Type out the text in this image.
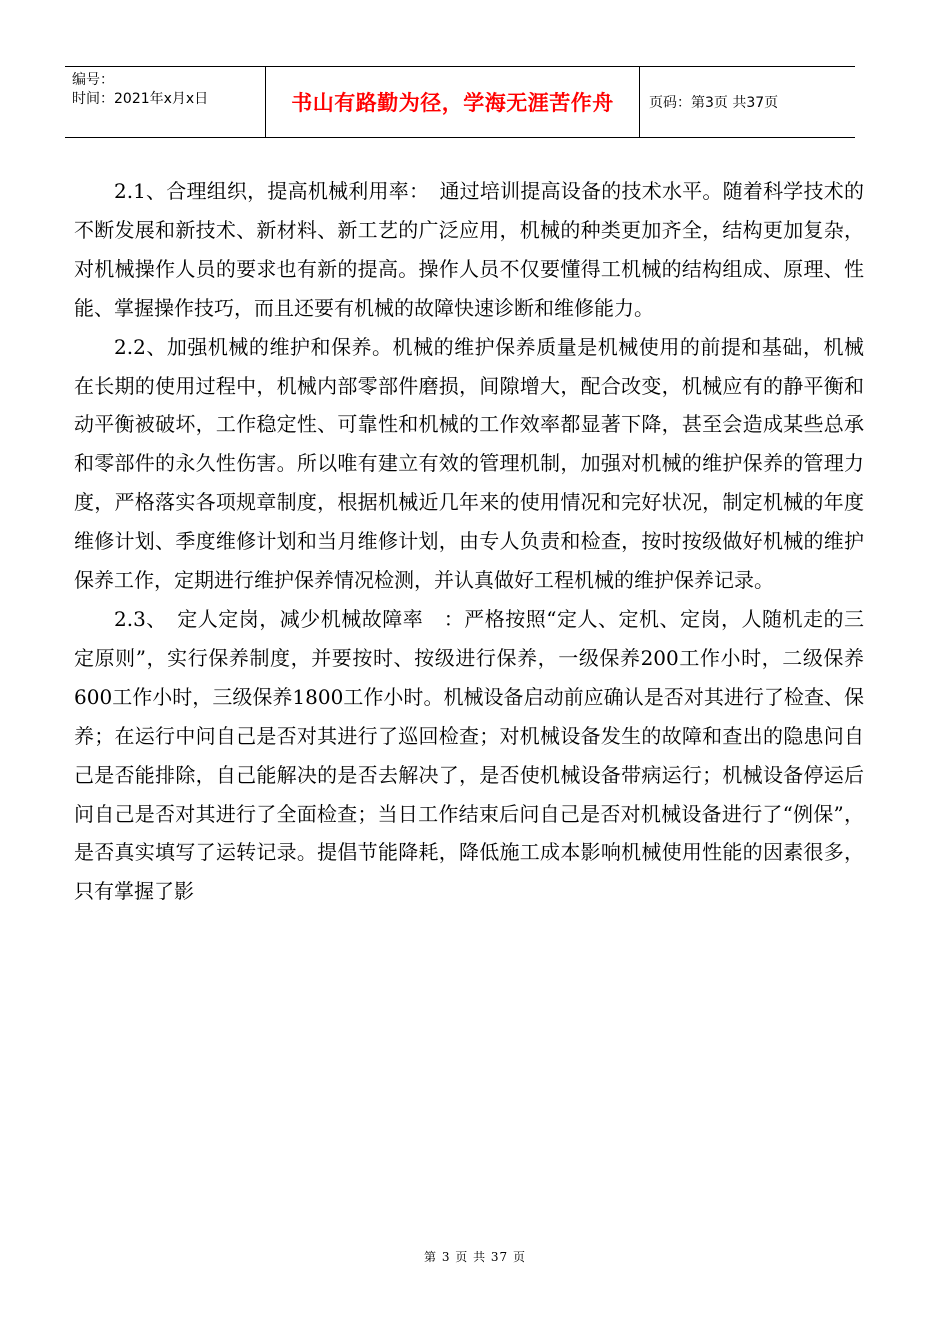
编号：
时间：2021年x月x日	书山有路勤为径，学海无涯苦作舟	页码：第3页 共37页

2.1、合理组织，提高机械利用率：　通过培训提高设备的技术水平。随着科学技术的不断发展和新技术、新材料、新工艺的广泛应用，机械的种类更加齐全，结构更加复杂，对机械操作人员的要求也有新的提高。操作人员不仅要懂得工机械的结构组成、原理、性能、掌握操作技巧，而且还要有机械的故障快速诊断和维修能力。

2.2、加强机械的维护和保养。机械的维护保养质量是机械使用的前提和基础，机械在长期的使用过程中，机械内部零部件磨损，间隙增大，配合改变，机械应有的静平衡和动平衡被破坏，工作稳定性、可靠性和机械的工作效率都显著下降，甚至会造成某些总承和零部件的永久性伤害。所以唯有建立有效的管理机制，加强对机械的维护保养的管理力度，严格落实各项规章制度，根据机械近几年来的使用情况和完好状况，制定机械的年度维修计划、季度维修计划和当月维修计划，由专人负责和检查，按时按级做好机械的维护保养工作，定期进行维护保养情况检测，并认真做好工程机械的维护保养记录。

2.3、　定人定岗，减少机械故障率　：严格按照“定人、定机、定岗，人随机走的三定原则”，实行保养制度，并要按时、按级进行保养，一级保养200工作小时，二级保养600工作小时，三级保养1800工作小时。机械设备启动前应确认是否对其进行了检查、保养；在运行中问自己是否对其进行了巡回检查；对机械设备发生的故障和查出的隐患问自己是否能排除，自己能解决的是否去解决了，是否使机械设备带病运行；机械设备停运后问自己是否对其进行了全面检查；当日工作结束后问自己是否对机械设备进行了“例保”，是否真实填写了运转记录。提倡节能降耗，降低施工成本影响机械使用性能的因素很多，只有掌握了影

第 3 页 共 37 页
